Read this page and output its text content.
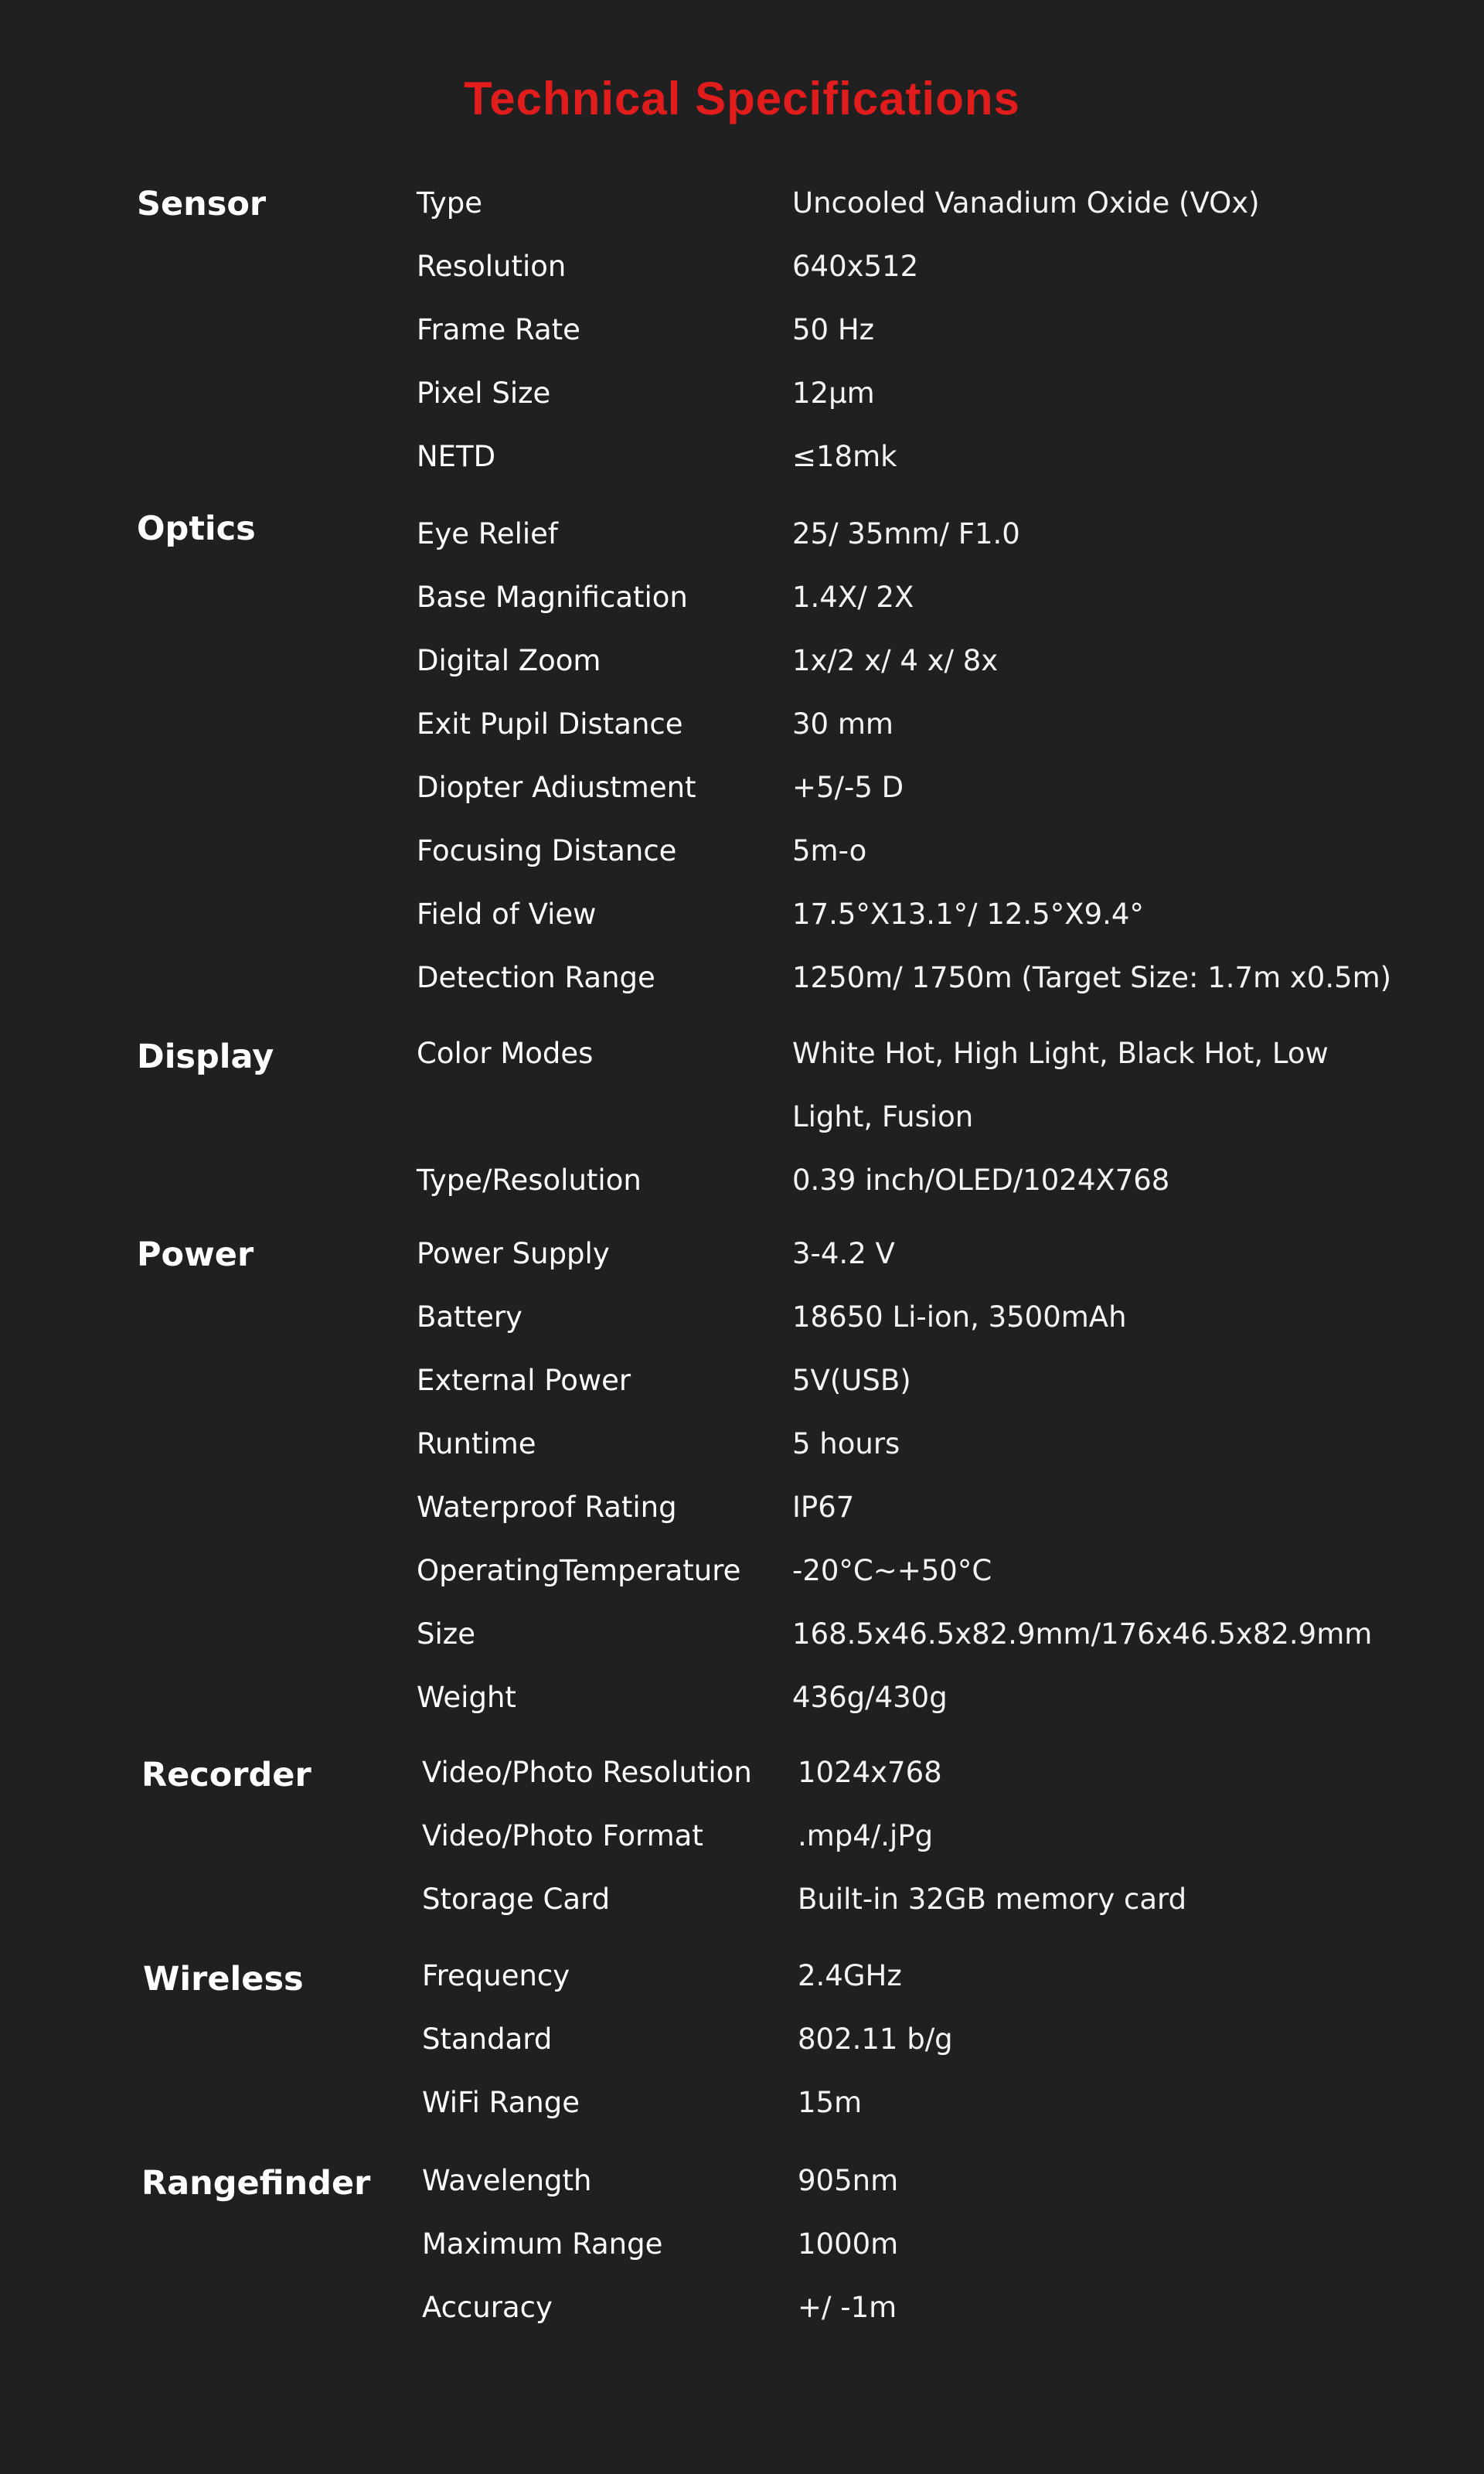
Technical Specifications
Sensor	Type	Uncooled Vanadium Oxide (VOx)
Resolution	640x512
Frame Rate	50 Hz
Pixel Size	12μm
NETD	≤18mk
Optics	Eye Relief	25/ 35mm/ F1.0
Base Magnification	1.4X/ 2X
Digital Zoom	1x/2 x/ 4 x/ 8x
Exit Pupil Distance	30 mm
Diopter Adiustment	+5/-5 D
Focusing Distance	5m-o
Field of View	17.5°X13.1°/ 12.5°X9.4°
Detection Range	1250m/ 1750m (Target Size: 1.7m x0.5m)
Display	Color Modes	White Hot, High Light, Black Hot, Low
Light, Fusion
Type/Resolution	0.39 inch/OLED/1024X768
Power	Power Supply	3-4.2 V
Battery	18650 Li-ion, 3500mAh
External Power	5V(USB)
Runtime	5 hours
Waterproof Rating	IP67
OperatingTemperature -20°C~+50°C
Size	168.5x46.5x82.9mm/176x46.5x82.9mm
Weight	436g/430g
Recorder	Video/Photo Resolution 1024x768
Video/Photo Format	.mp4/.jPg
Storage Card	Built-in 32GB memory card
Wireless	Frequency	2.4GHz
Standard	802.11 b/g
WiFi Range	15m
Rangefinder Wavelength	905nm
Maximum Range	1000m
Accuracy	+/ -1m
